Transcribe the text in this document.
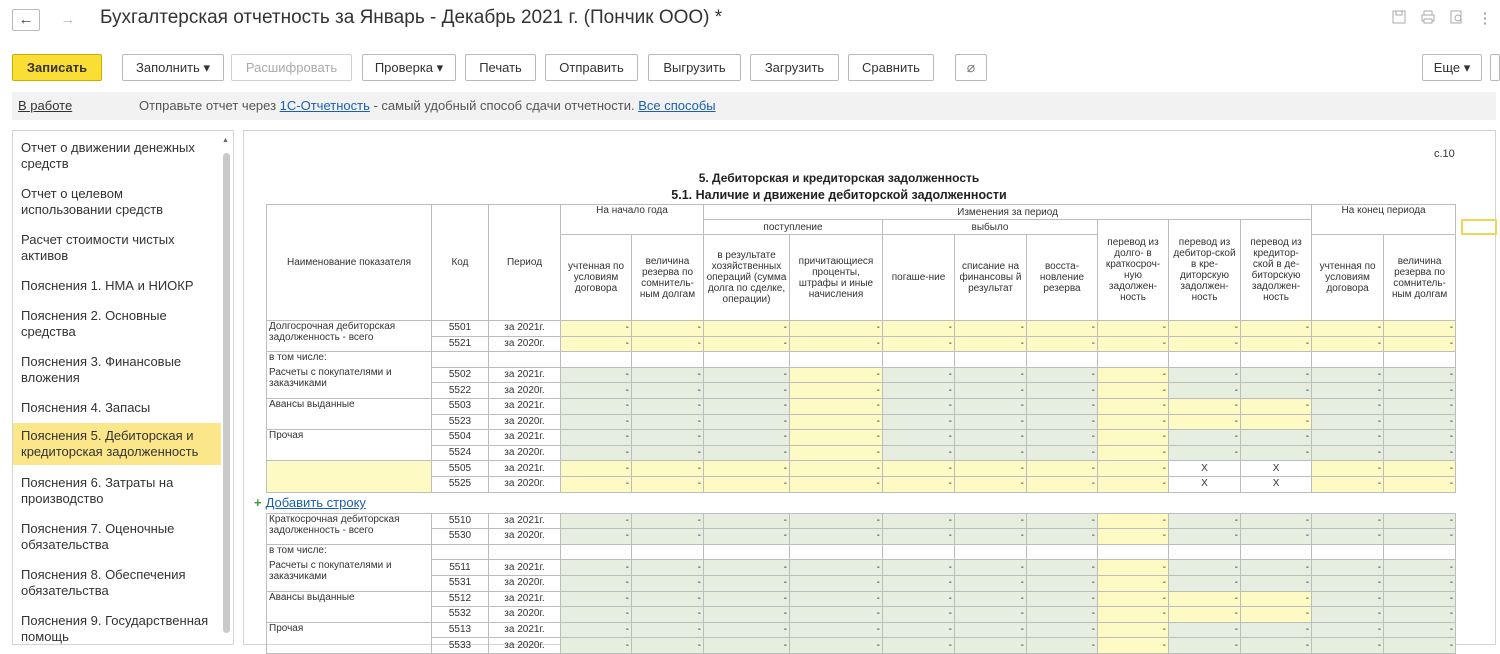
←	→	Бухгалтерская отчетность за Январь - Декабрь 2021 г. (Пончик ООО) *	⋮
Записать	Заполнить ▾	Расшифровать	Проверка ▾	Печать	Отправить	Выгрузить	Загрузить	Сравнить	⌀	Еще ▾
В работе	Отправьте отчет через 1С-Отчетность - самый удобный способ сдачи отчетности. Все способы
Отчет о движении денежных средств
Отчет о целевом использовании средств
Расчет стоимости чистых активов
Пояснения 1. НМА и НИОКР
Пояснения 2. Основные средства
Пояснения 3. Финансовые вложения
Пояснения 4. Запасы
Пояснения 5. Дебиторская и кредиторская задолженность
Пояснения 6. Затраты на производство
Пояснения 7. Оценочные обязательства
Пояснения 8. Обеспечения обязательства
Пояснения 9. Государственная помощь
▲
с.10
5. Дебиторская и кредиторская задолженность
5.1. Наличие и движение дебиторской задолженности
Наименование показателя	Код	Период	На начало года		Изменения за период								На конец периода	
					поступление		выбыло			перевод из долго- в краткосроч-ную задолжен-ность	перевод из дебитор-ской в кре-диторскую задолжен-ность	перевод из кредитор-ской в де-биторскую задолжен-ность		
			учтенная по условиям договора	величина резерва по сомнитель-ным долгам	в результате хозяйственных операций (сумма долга по сделке, операции)	причитающиеся проценты, штрафы и иные начисления	погаше-ние	списание на финансовы й результат	восста-новление резерва				учтенная по условиям договора	величина резерва по сомнитель-ным долгам

Долгосрочная дебиторская задолженность - всего	5501	за 2021г.	-	-	-	-	-	-	-	-	-	-	-	-
	5521	за 2020г.	-	-	-	-	-	-	-	-	-	-	-	-
в том числе:														
Расчеты с покупателями и заказчиками	5502	за 2021г.	-	-	-	-	-	-	-	-	-	-	-	-
	5522	за 2020г.	-	-	-	-	-	-	-	-	-	-	-	-
Авансы выданные	5503	за 2021г.	-	-	-	-	-	-	-	-	-	-	-	-
	5523	за 2020г.	-	-	-	-	-	-	-	-	-	-	-	-
Прочая	5504	за 2021г.	-	-	-	-	-	-	-	-	-	-	-	-
	5524	за 2020г.	-	-	-	-	-	-	-	-	-	-	-	-
	5505	за 2021г.	-	-	-	-	-	-	-	-	X	X	-	-
	5525	за 2020г.	-	-	-	-	-	-	-	-	X	X	-	-

Краткосрочная дебиторская задолженность - всего	5510	за 2021г.	-	-	-	-	-	-	-	-	-	-	-	-
	5530	за 2020г.	-	-	-	-	-	-	-	-	-	-	-	-
в том числе:														
Расчеты с покупателями и заказчиками	5511	за 2021г.	-	-	-	-	-	-	-	-	-	-	-	-
	5531	за 2020г.	-	-	-	-	-	-	-	-	-	-	-	-
Авансы выданные	5512	за 2021г.	-	-	-	-	-	-	-	-	-	-	-	-
	5532	за 2020г.	-	-	-	-	-	-	-	-	-	-	-	-
Прочая	5513	за 2021г.	-	-	-	-	-	-	-	-	-	-	-	-
	5533	за 2020г.	-	-	-	-	-	-	-	-	-	-	-	-
+ Добавить строку
